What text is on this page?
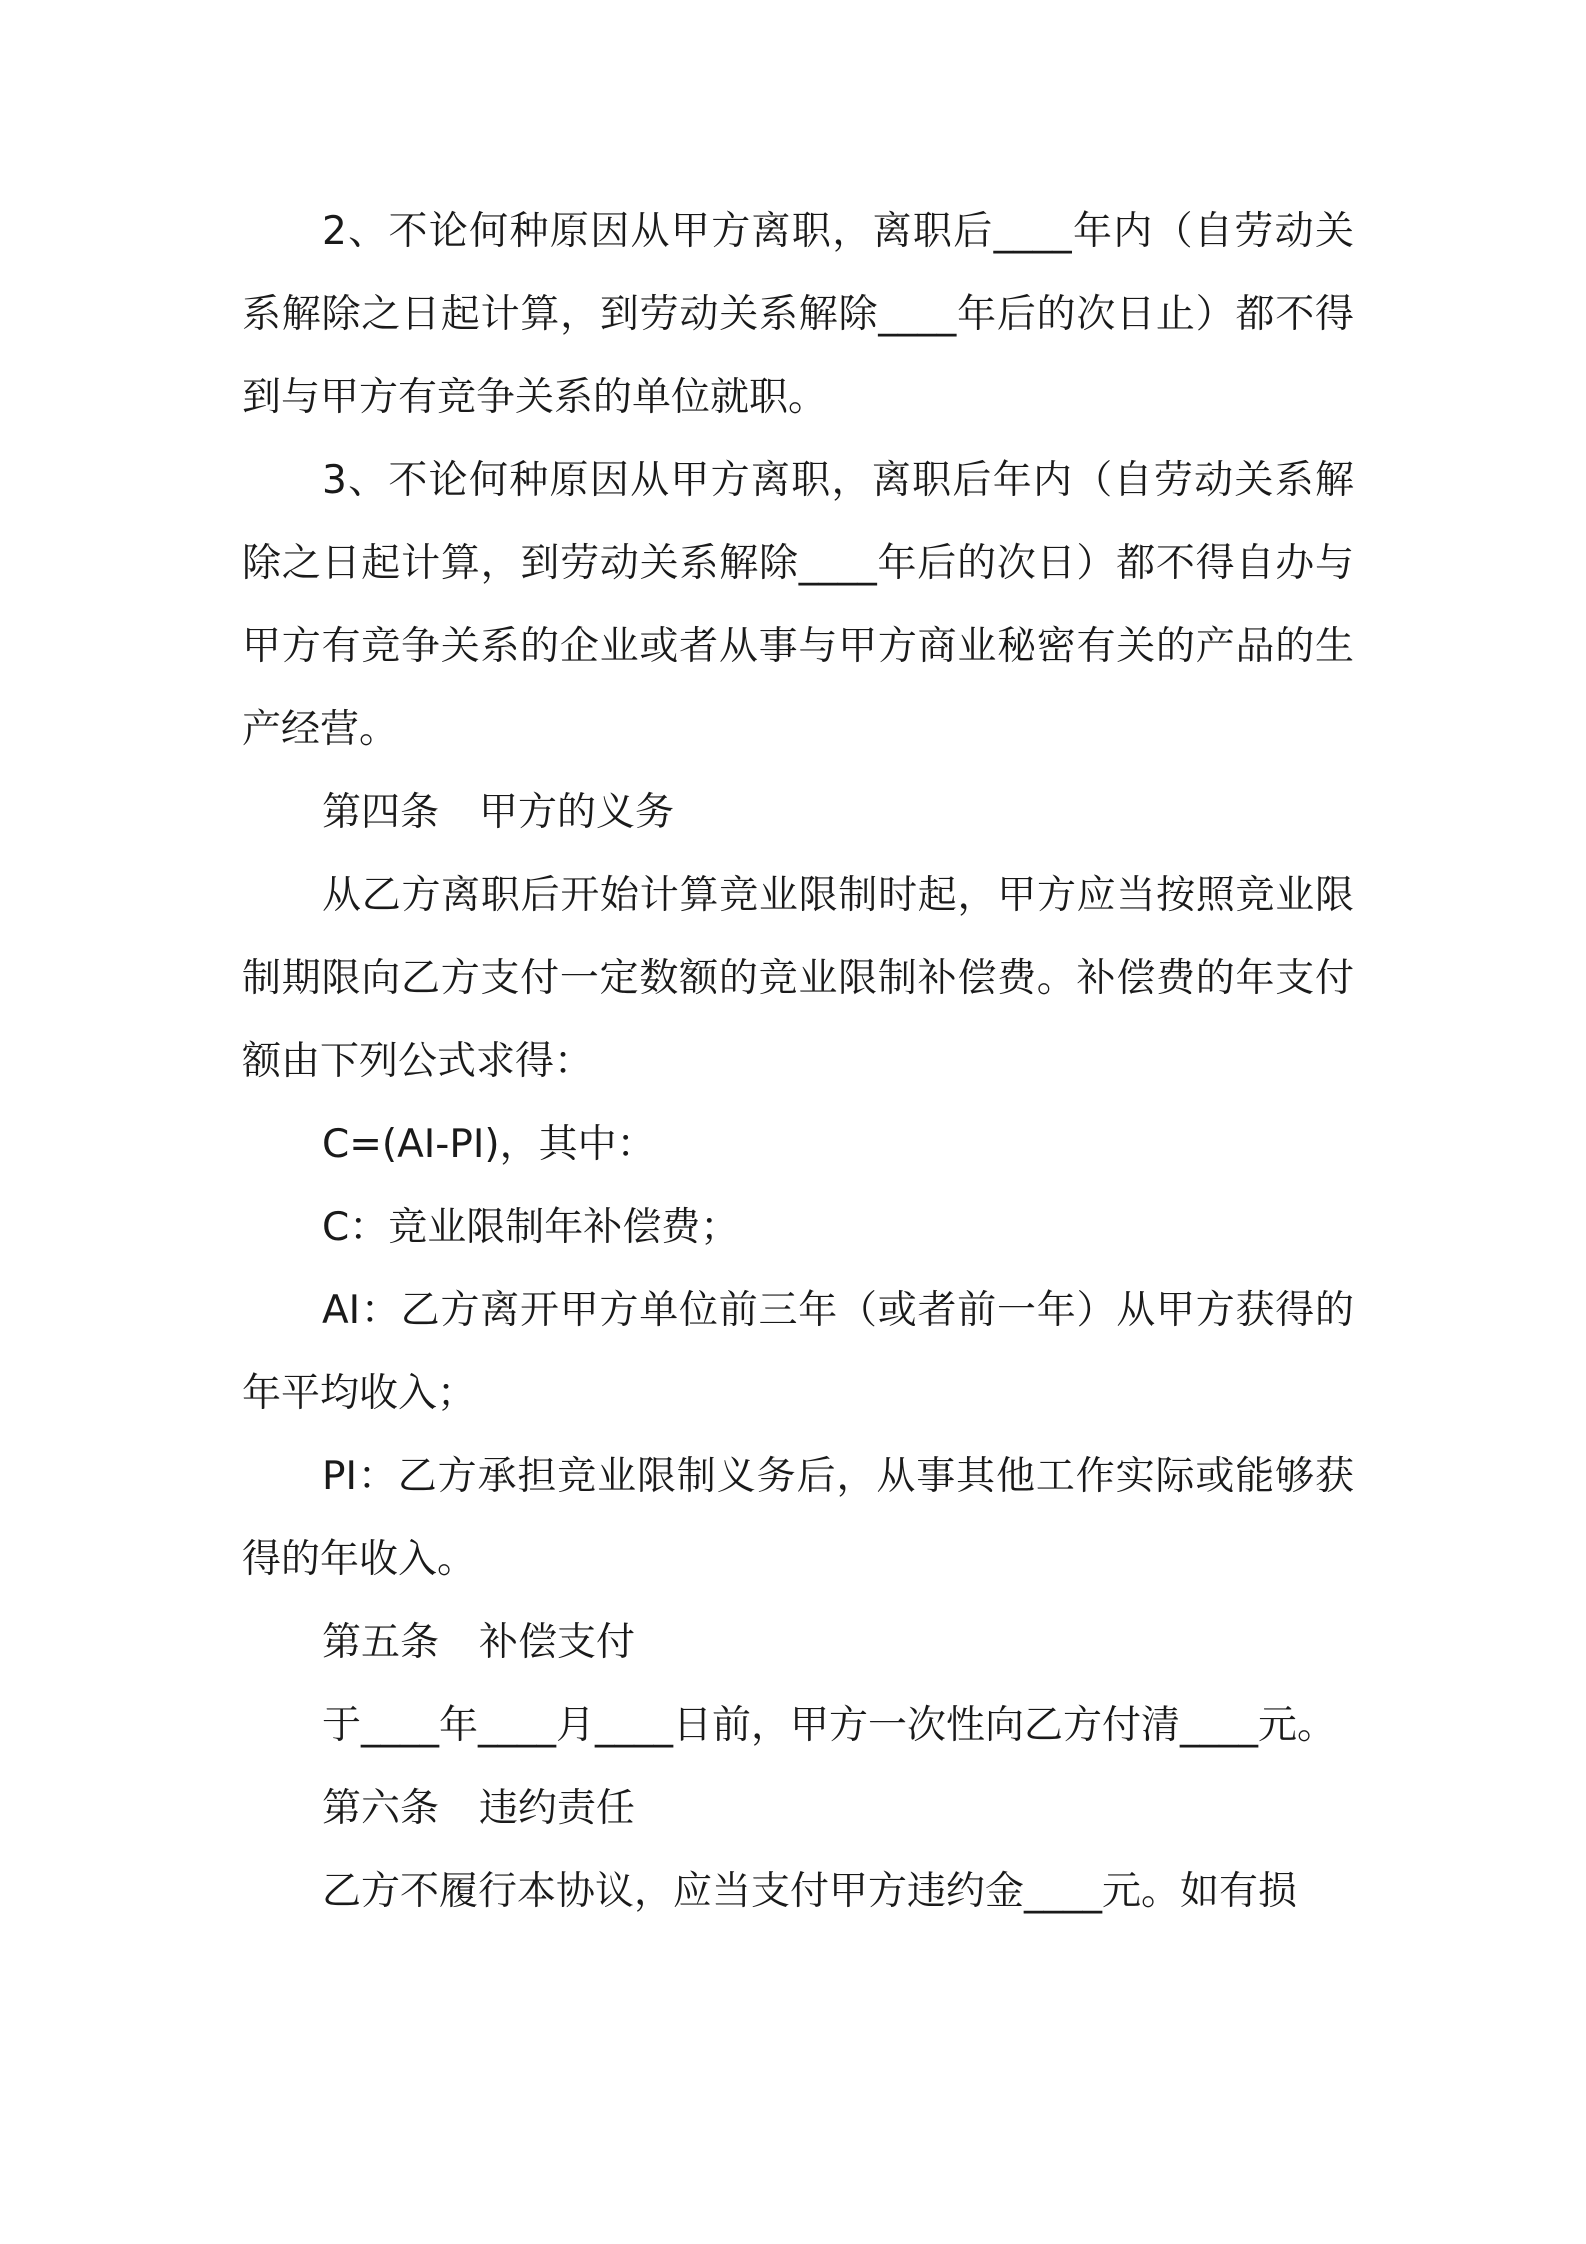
2、不论何种原因从甲方离职，离职后____年内（自劳动关系解除之日起计算，到劳动关系解除____年后的次日止）都不得到与甲方有竞争关系的单位就职。

3、不论何种原因从甲方离职，离职后年内（自劳动关系解除之日起计算，到劳动关系解除____年后的次日）都不得自办与甲方有竞争关系的企业或者从事与甲方商业秘密有关的产品的生产经营。

第四条 甲方的义务

从乙方离职后开始计算竞业限制时起，甲方应当按照竞业限制期限向乙方支付一定数额的竞业限制补偿费。补偿费的年支付额由下列公式求得：

C=(AI-PI)，其中：

C：竞业限制年补偿费；

AI：乙方离开甲方单位前三年（或者前一年）从甲方获得的年平均收入；

PI：乙方承担竞业限制义务后，从事其他工作实际或能够获得的年收入。

第五条 补偿支付

于____年____月____日前，甲方一次性向乙方付清____元。

第六条 违约责任

乙方不履行本协议，应当支付甲方违约金____元。如有损
